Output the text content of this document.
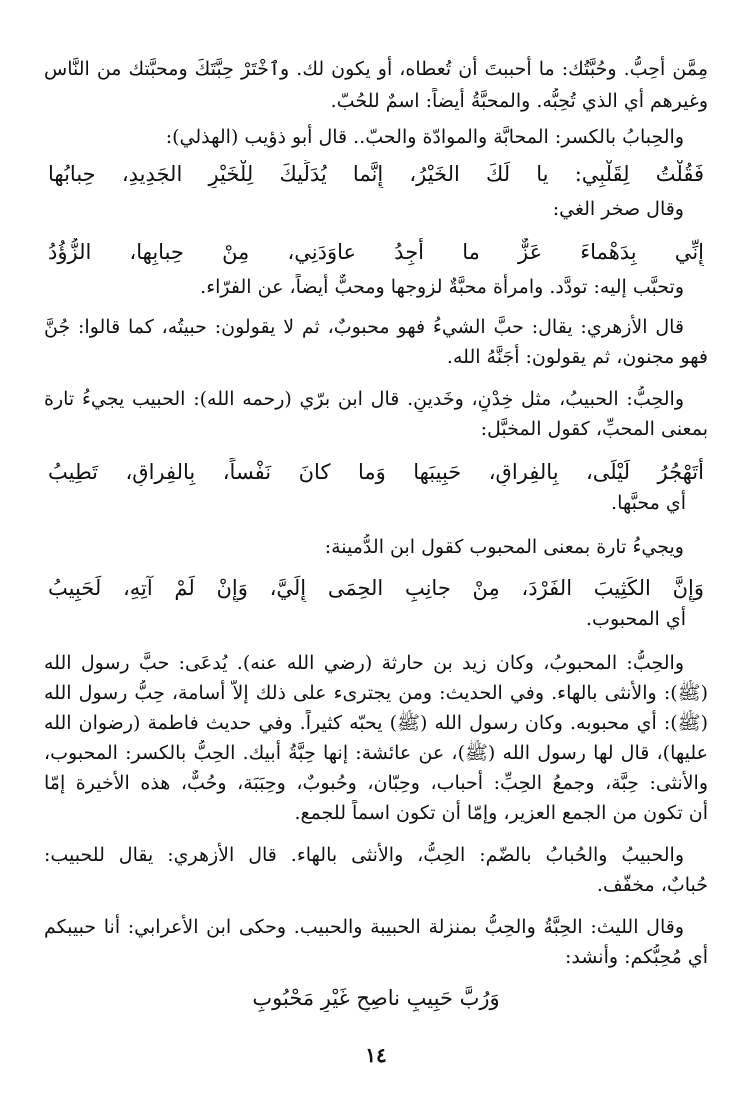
مِمَّن أُحِبُّ. وحُبَّتُك: ما أحببتَ أن تُعطاه، أو يكون لك. وٱخْتَرْ حِبَّتَكَ ومحبَّتك من النَّاس
وغيرهم أي الذي تُحِبُّه. والمحبَّةُ أيضاً: اسمٌ للحُبّ.
والحِبابُ بالكسر: المحابَّة والموادّة والحبّ.. قال أبو ذؤيب (الهذلي):
فَقُلْتُ لِقَلْبِي: يا لَكَ الخَيْرُ، إِنَّما يُدَلِّيكَ لِلْخَيْرِ الجَدِيدِ، حِبابُها
وقال صخر الغي:
إِنِّي بِدَهْماءَ عَزٌّ ما أَجِدُ عاوَدَنِي، مِنْ حِبابِها، الزُّؤُدُ
وتحبَّب إليه: تودَّد. وامرأة محبَّةٌ لزوجها ومحبٌّ أيضاً، عن الفرّاء.
قال الأزهري: يقال: حبَّ الشيءُ فهو محبوبٌ، ثم لا يقولون: حبيتُه، كما قالوا: جُنَّ
فهو مجنون، ثم يقولون: أَجَنَّهُ الله.
والحِبُّ: الحبيبُ، مثل خِدْنٍ، وخَدينٍ. قال ابن برّي (رحمه الله): الحبيب يجيءُ تارة
بمعنى المحبِّ، كقول المخبَّل:
أَتَهْجُرُ لَيْلَى، بِالفِراقِ، حَبِيبَها وَما كانَ نَفْساً، بِالفِراقِ، تَطِيبُ
أي محبَّها.
ويجيءُ تارة بمعنى المحبوب كقول ابن الدُّمينة:
وَإِنَّ الكَثِيبَ الفَرْدَ، مِنْ جانِبِ الحِمَى إِلَيَّ، وَإِنْ لَمْ آتِهِ، لَحَبِيبُ
أي المحبوب.
والحِبُّ: المحبوبُ، وكان زيد بن حارثة (رضي الله عنه). يُدعَى: حبَّ رسول الله
(ﷺ): والأنثى بالهاء. وفي الحديث: ومن يجترىء على ذلك إلاَّ أسامة، حِبُّ رسول الله
(ﷺ): أي محبوبه. وكان رسول الله (ﷺ) يحبّه كثيراً. وفي حديث فاطمة (رضوان الله
عليها)، قال لها رسول الله (ﷺ)، عن عائشة: إنها حِبَّةُ أبيك. الحِبُّ بالكسر: المحبوب،
والأنثى: حِبَّة، وجمعُ الحِبِّ: أحباب، وحِبّان، وحُبوبٌ، وحِبَبَة، وحُبٌّ، هذه الأخيرة إمّا
أن تكون من الجمع العزير، وإمّا أن تكون اسماً للجمع.
والحبيبُ والحُبابُ بالضّم: الحِبُّ، والأنثى بالهاء. قال الأزهري: يقال للحبيب:
حُبابٌ، مخفّف.
وقال الليث: الحِبَّةُ والحِبُّ بمنزلة الحبيبة والحبيب. وحكى ابن الأعرابي: أنا حبيبكم
أي مُحِبُّكم: وأنشد:
وَرُبَّ حَبِيبٍ ناصِحٍ غَيْرِ مَحْبُوبِ
١٤
